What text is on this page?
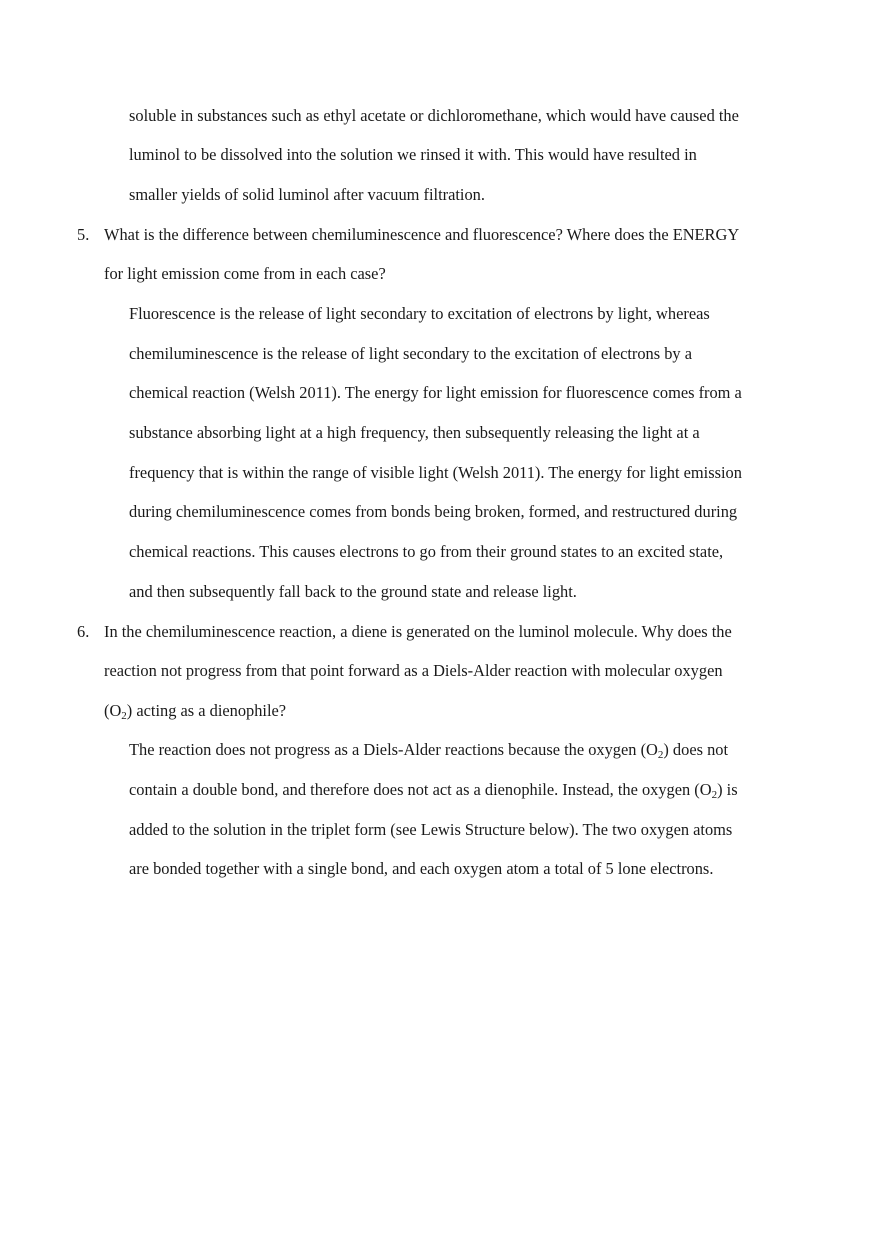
soluble in substances such as ethyl acetate or dichloromethane, which would have caused the
luminol to be dissolved into the solution we rinsed it with. This would have resulted in
smaller yields of solid luminol after vacuum filtration.
5. What is the difference between chemiluminescence and fluorescence? Where does the ENERGY
for light emission come from in each case?
Fluorescence is the release of light secondary to excitation of electrons by light, whereas
chemiluminescence is the release of light secondary to the excitation of electrons by a
chemical reaction (Welsh 2011). The energy for light emission for fluorescence comes from a
substance absorbing light at a high frequency, then subsequently releasing the light at a
frequency that is within the range of visible light (Welsh 2011). The energy for light emission
during chemiluminescence comes from bonds being broken, formed, and restructured during
chemical reactions. This causes electrons to go from their ground states to an excited state,
and then subsequently fall back to the ground state and release light.
6. In the chemiluminescence reaction, a diene is generated on the luminol molecule. Why does the
reaction not progress from that point forward as a Diels-Alder reaction with molecular oxygen
$(O_2)$ acting as a dienophile?
The reaction does not progress as a Diels-Alder reactions because the oxygen $(O_2)$ does not
contain a double bond, and therefore does not act as a dienophile. Instead, the oxygen $(O_2)$ is
added to the solution in the triplet form (see Lewis Structure below). The two oxygen atoms
are bonded together with a single bond, and each oxygen atom a total of 5 lone electrons.
